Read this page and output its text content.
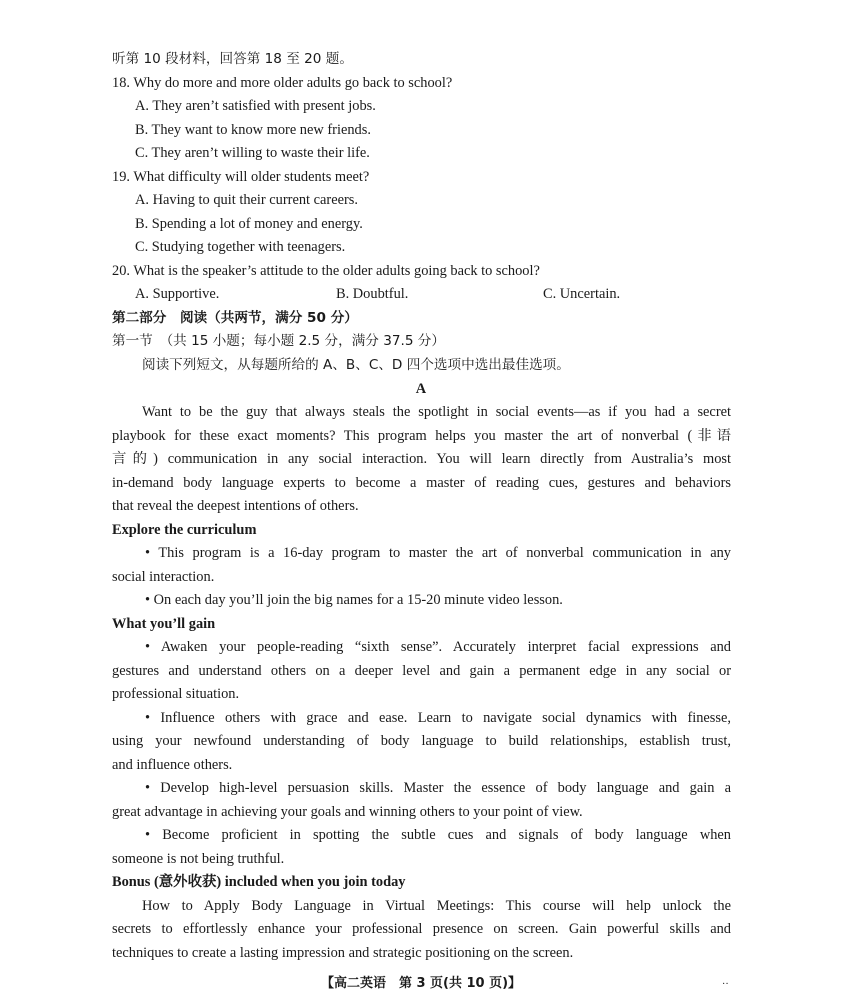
听第 10 段材料，回答第 18 至 20 题。
18. Why do more and more older adults go back to school?
A. They aren’t satisfied with present jobs.
B. They want to know more new friends.
C. They aren’t willing to waste their life.
19. What difficulty will older students meet?
A. Having to quit their current careers.
B. Spending a lot of money and energy.
C. Studying together with teenagers.
20. What is the speaker’s attitude to the older adults going back to school?
A. Supportive.	B. Doubtful.	C. Uncertain.
第二部分　阅读（共两节，满分 50 分）
第一节　（共 15 小题；每小题 2.5 分，满分 37.5 分）
阅读下列短文，从每题所给的 A、B、C、D 四个选项中选出最佳选项。
A
Want to be the guy that always steals the spotlight in social events—as if you had a secret
playbook for these exact moments? This program helps you master the art of nonverbal (非语
言的) communication in any social interaction. You will learn directly from Australia’s most
in-demand body language experts to become a master of reading cues, gestures and behaviors
that reveal the deepest intentions of others.
Explore the curriculum
• This program is a 16-day program to master the art of nonverbal communication in any
social interaction.
• On each day you’ll join the big names for a 15-20 minute video lesson.
What you’ll gain
• Awaken your people-reading “sixth sense”. Accurately interpret facial expressions and
gestures and understand others on a deeper level and gain a permanent edge in any social or
professional situation.
• Influence others with grace and ease. Learn to navigate social dynamics with finesse,
using your newfound understanding of body language to build relationships, establish trust,
and influence others.
• Develop high-level persuasion skills. Master the essence of body language and gain a
great advantage in achieving your goals and winning others to your point of view.
• Become proficient in spotting the subtle cues and signals of body language when
someone is not being truthful.
Bonus (意外收获) included when you join today
How to Apply Body Language in Virtual Meetings: This course will help unlock the
secrets to effortlessly enhance your professional presence on screen. Gain powerful skills and
techniques to create a lasting impression and strategic positioning on the screen.
【高二英语　第 3 页(共 10 页)】	··
